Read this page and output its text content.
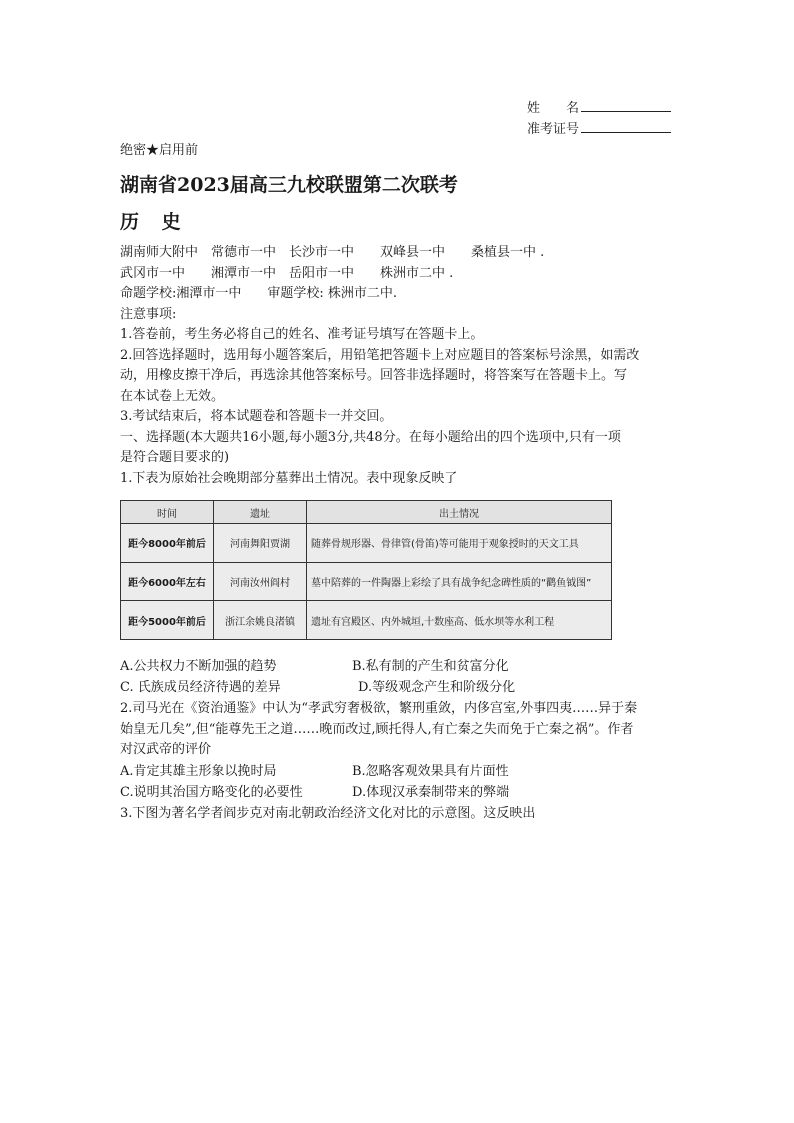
姓　　名
准考证号
绝密★启用前
湖南省2023届高三九校联盟第二次联考
历 史
湖南师大附中　常德市一中　长沙市一中　　双峰县一中　　桑植县一中 .
武冈市一中　　湘潭市一中　岳阳市一中　　株洲市二中 .
命题学校:湘潭市一中　　审题学校: 株洲市二中.
注意事项:
1.答卷前，考生务必将自己的姓名、准考证号填写在答题卡上。
2.回答选择题时，选用每小题答案后，用铅笔把答题卡上对应题目的答案标号涂黑，如需改
动，用橡皮擦干净后，再选涂其他答案标号。回答非选择题时，将答案写在答题卡上。写
在本试卷上无效。
3.考试结束后，将本试题卷和答题卡一并交回。
一、选择题(本大题共16小题,每小题3分,共48分。在每小题给出的四个选项中,只有一项
是符合题目要求的)
1.下表为原始社会晚期部分墓葬出土情况。表中现象反映了
时间	遗址	出土情况
距今8000年前后	河南舞阳贾湖	随葬骨规形器、骨律管(骨笛)等可能用于观象授时的天文工具
距今6000年左右	河南汝州阎村	墓中陪葬的一件陶器上彩绘了具有战争纪念碑性质的“鹳鱼钺图”
距今5000年前后	浙江余姚良渚镇	遗址有宫殿区、内外城垣,十数座高、低水坝等水利工程
A.公共权力不断加强的趋势	B.私有制的产生和贫富分化
C. 氏族成员经济待遇的差异	D.等级观念产生和阶级分化
2.司马光在《资治通鉴》中认为“孝武穷奢极欲，繁刑重敛，内侈宫室,外事四夷……异于秦
始皇无几矣”,但“能尊先王之道……晚而改过,顾托得人,有亡秦之失而免于亡秦之祸”。作者
对汉武帝的评价
A.肯定其雄主形象以挽时局	B.忽略客观效果具有片面性
C.说明其治国方略变化的必要性	D.体现汉承秦制带来的弊端
3.下图为著名学者阎步克对南北朝政治经济文化对比的示意图。这反映出
